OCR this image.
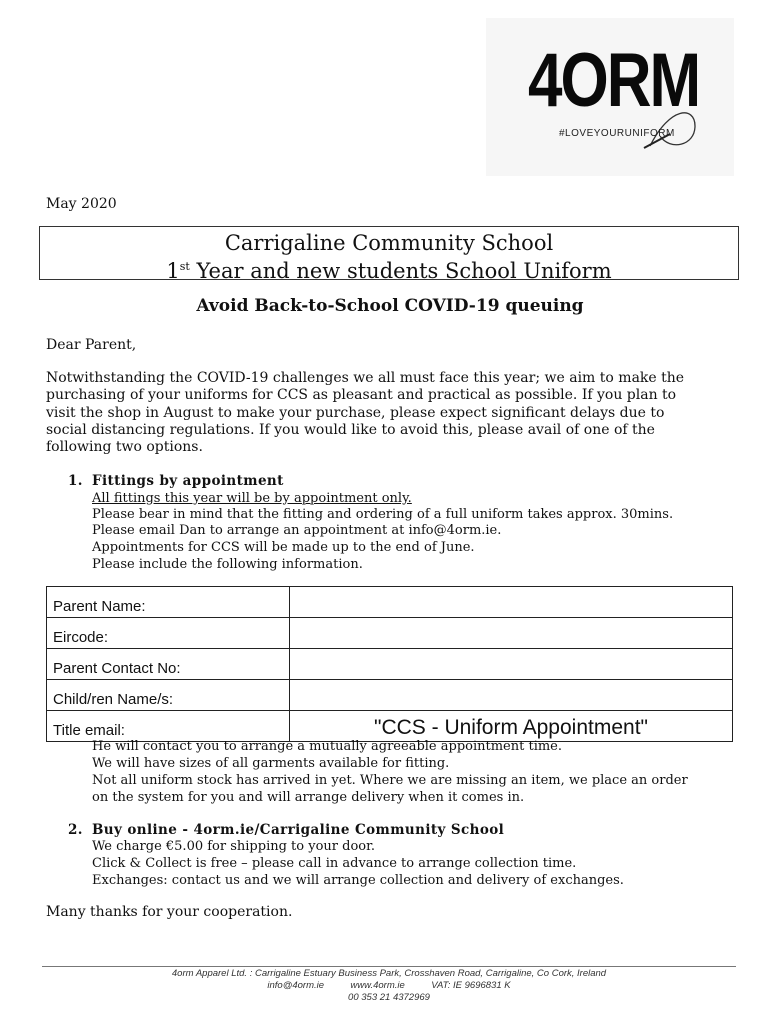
4ORM
#LOVEYOURUNIFORM
May 2020
Carrigaline Community School
1st Year and new students School Uniform
Avoid Back-to-School COVID-19 queuing
Dear Parent,
Notwithstanding the COVID-19 challenges we all must face this year; we aim to make the
purchasing of your uniforms for CCS as pleasant and practical as possible. If you plan to
visit the shop in August to make your purchase, please expect significant delays due to
social distancing regulations. If you would like to avoid this, please avail of one of the
following two options.
1. Fittings by appointment
All fittings this year will be by appointment only.
Please bear in mind that the fitting and ordering of a full uniform takes approx. 30mins.
Please email Dan to arrange an appointment at info@4orm.ie.
Appointments for CCS will be made up to the end of June.
Please include the following information.
Parent Name:	
Eircode:	
Parent Contact No:	
Child/ren Name/s:	
Title email:	"CCS - Uniform Appointment"
He will contact you to arrange a mutually agreeable appointment time.
We will have sizes of all garments available for fitting.
Not all uniform stock has arrived in yet. Where we are missing an item, we place an order
on the system for you and will arrange delivery when it comes in.
2. Buy online - 4orm.ie/Carrigaline Community School
We charge €5.00 for shipping to your door.
Click & Collect is free – please call in advance to arrange collection time.
Exchanges: contact us and we will arrange collection and delivery of exchanges.
Many thanks for your cooperation.
4orm Apparel Ltd. : Carrigaline Estuary Business Park, Crosshaven Road, Carrigaline, Co Cork, Ireland
info@4orm.ie          www.4orm.ie          VAT: IE 9696831 K
00 353 21 4372969
